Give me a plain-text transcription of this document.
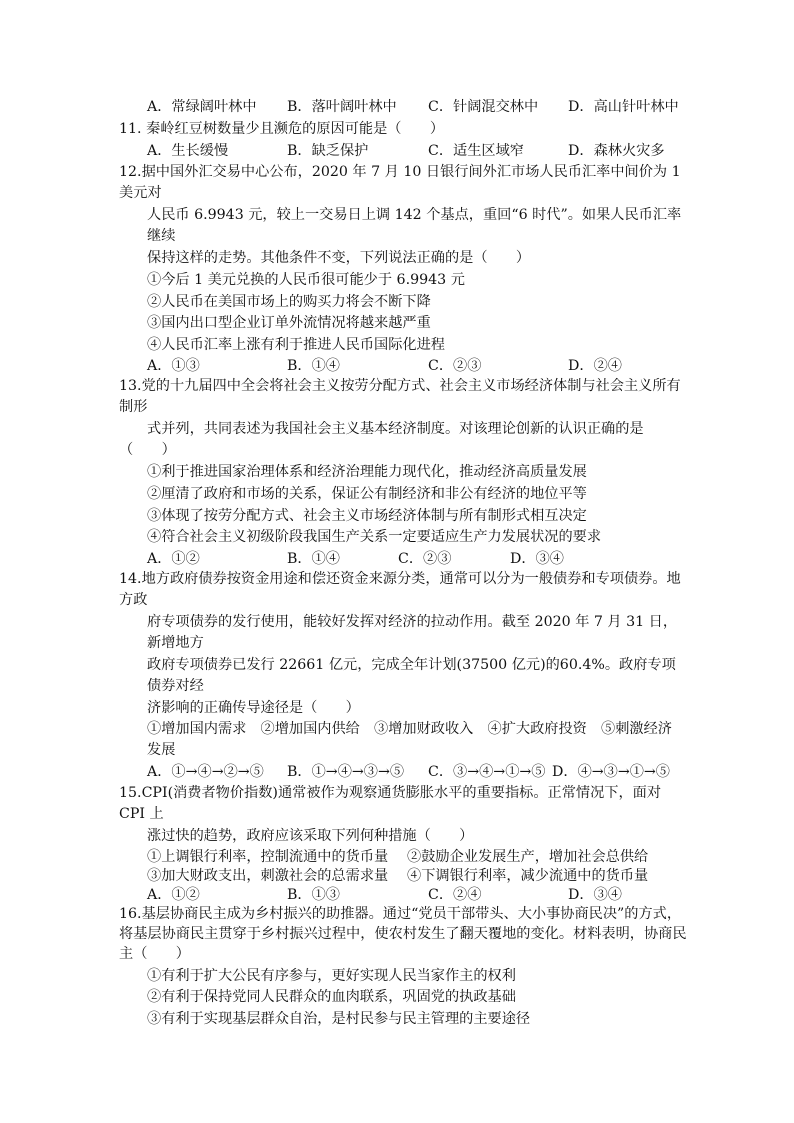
A．常绿阔叶林中 B．落叶阔叶林中 C．针阔混交林中 D．高山针叶林中
11. 秦岭红豆树数量少且濒危的原因可能是（　　）
A．生长缓慢	B．缺乏保护	C．适生区域窄	D．森林火灾多
12.据中国外汇交易中心公布，2020 年 7 月 10 日银行间外汇市场人民币汇率中间价为 1 美元对
人民币 6.9943 元，较上一交易日上调 142 个基点，重回“6 时代”。如果人民币汇率继续
保持这样的走势。其他条件不变，下列说法正确的是（　　）
①今后 1 美元兑换的人民币很可能少于 6.9943 元
②人民币在美国市场上的购买力将会不断下降
③国内出口型企业订单外流情况将越来越严重
④人民币汇率上涨有利于推进人民币国际化进程
A．①③	B．①④	C．②③	D．②④
13.党的十九届四中全会将社会主义按劳分配方式、社会主义市场经济体制与社会主义所有制形
式并列，共同表述为我国社会主义基本经济制度。对该理论创新的认识正确的是
（　　）
①利于推进国家治理体系和经济治理能力现代化，推动经济高质量发展
②厘清了政府和市场的关系，保证公有制经济和非公有经济的地位平等
③体现了按劳分配方式、社会主义市场经济体制与所有制形式相互决定
④符合社会主义初级阶段我国生产关系一定要适应生产力发展状况的要求
A．①②	B．①④	C．②③	D．③④
14.地方政府债券按资金用途和偿还资金来源分类，通常可以分为一般债券和专项债券。地方政
府专项债券的发行使用，能较好发挥对经济的拉动作用。截至 2020 年 7 月 31 日，新增地方
政府专项债券已发行 22661 亿元，完成全年计划(37500 亿元)的60.4%。政府专项债券对经
济影响的正确传导途径是（　　）
①增加国内需求　②增加国内供给　③增加财政收入　④扩大政府投资　⑤刺激经济发展
A．①→④→②→⑤ B．①→④→③→⑤ C．③→④→①→⑤ D．④→③→①→⑤
15.CPI(消费者物价指数)通常被作为观察通货膨胀水平的重要指标。正常情况下，面对 CPI 上
涨过快的趋势，政府应该采取下列何种措施（　　）
①上调银行利率，控制流通中的货币量 ②鼓励企业发展生产，增加社会总供给
③加大财政支出，刺激社会的总需求量 ④下调银行利率，减少流通中的货币量
A．①②	B．①③	C．②④	D．③④
16.基层协商民主成为乡村振兴的助推器。通过“党员干部带头、大小事协商民决”的方式，
将基层协商民主贯穿于乡村振兴过程中，使农村发生了翻天覆地的变化。材料表明，协商民
主（　　）
①有利于扩大公民有序参与，更好实现人民当家作主的权利
②有利于保持党同人民群众的血肉联系，巩固党的执政基础
③有利于实现基层群众自治，是村民参与民主管理的主要途径
